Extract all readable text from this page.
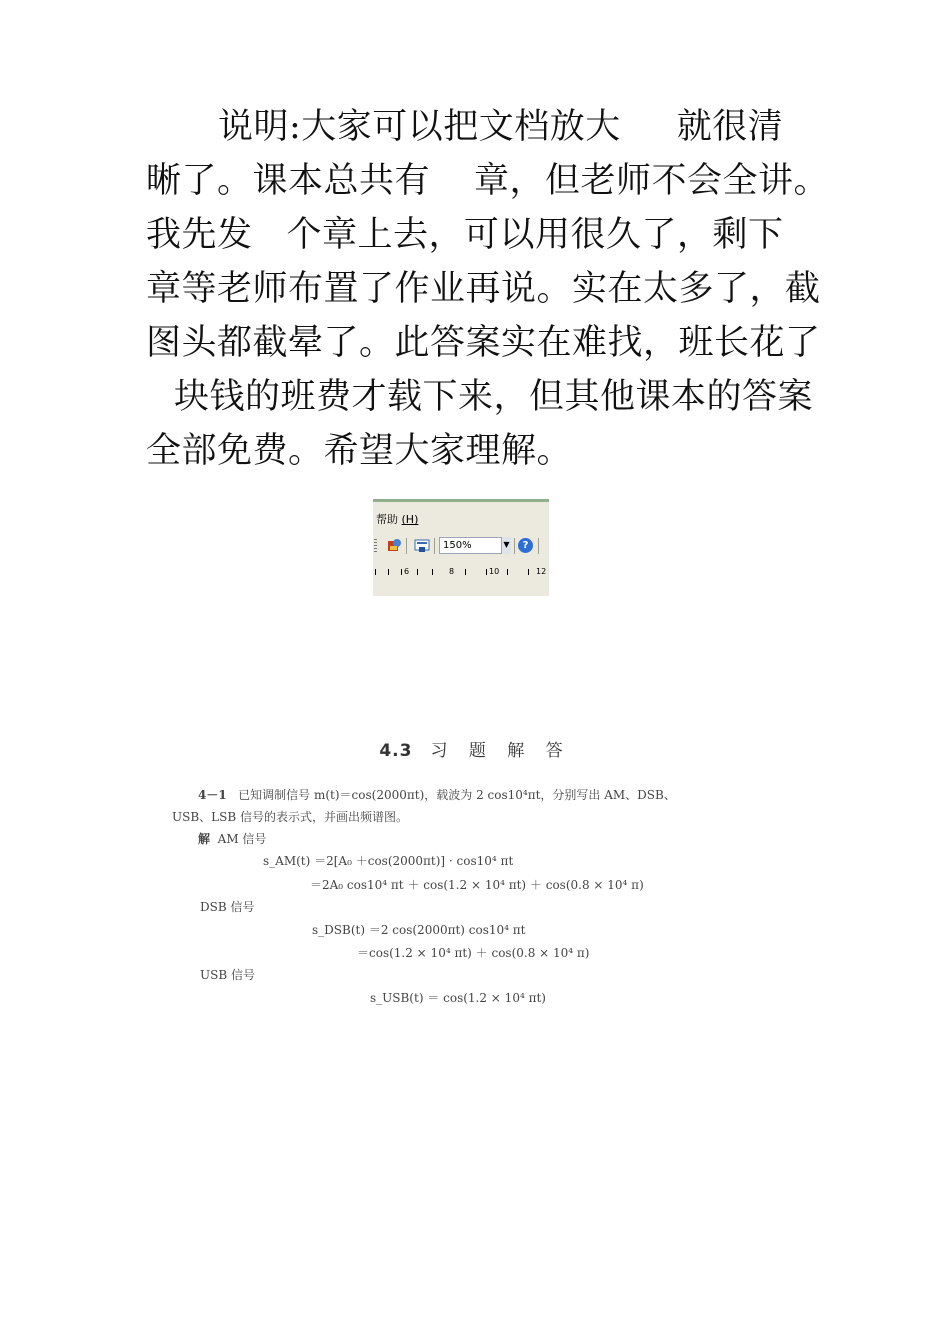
说明:大家可以把文档放大 就很清
晰了。课本总共有 章，但老师不会全讲。
我先发 个章上去，可以用很久了，剩下
章等老师布置了作业再说。实在太多了，截
图头都截晕了。此答案实在难找，班长花了
块钱的班费才载下来，但其他课本的答案
全部免费。希望大家理解。
帮助 (H)
150%	▼	?
6	8	10	12
4.3 习 题 解 答
4－1 已知调制信号 m(t)＝cos(2000πt)，载波为 2 cos10⁴πt，分别写出 AM、DSB、
USB、LSB 信号的表示式，并画出频谱图。
解 AM 信号
s_AM(t) ＝2[A₀ ＋cos(2000πt)] · cos10⁴ πt
＝2A₀ cos10⁴ πt ＋ cos(1.2 × 10⁴ πt) ＋ cos(0.8 × 10⁴ π)
DSB 信号
s_DSB(t) ＝2 cos(2000πt) cos10⁴ πt
＝cos(1.2 × 10⁴ πt) ＋ cos(0.8 × 10⁴ π)
USB 信号
s_USB(t) ＝ cos(1.2 × 10⁴ πt)
